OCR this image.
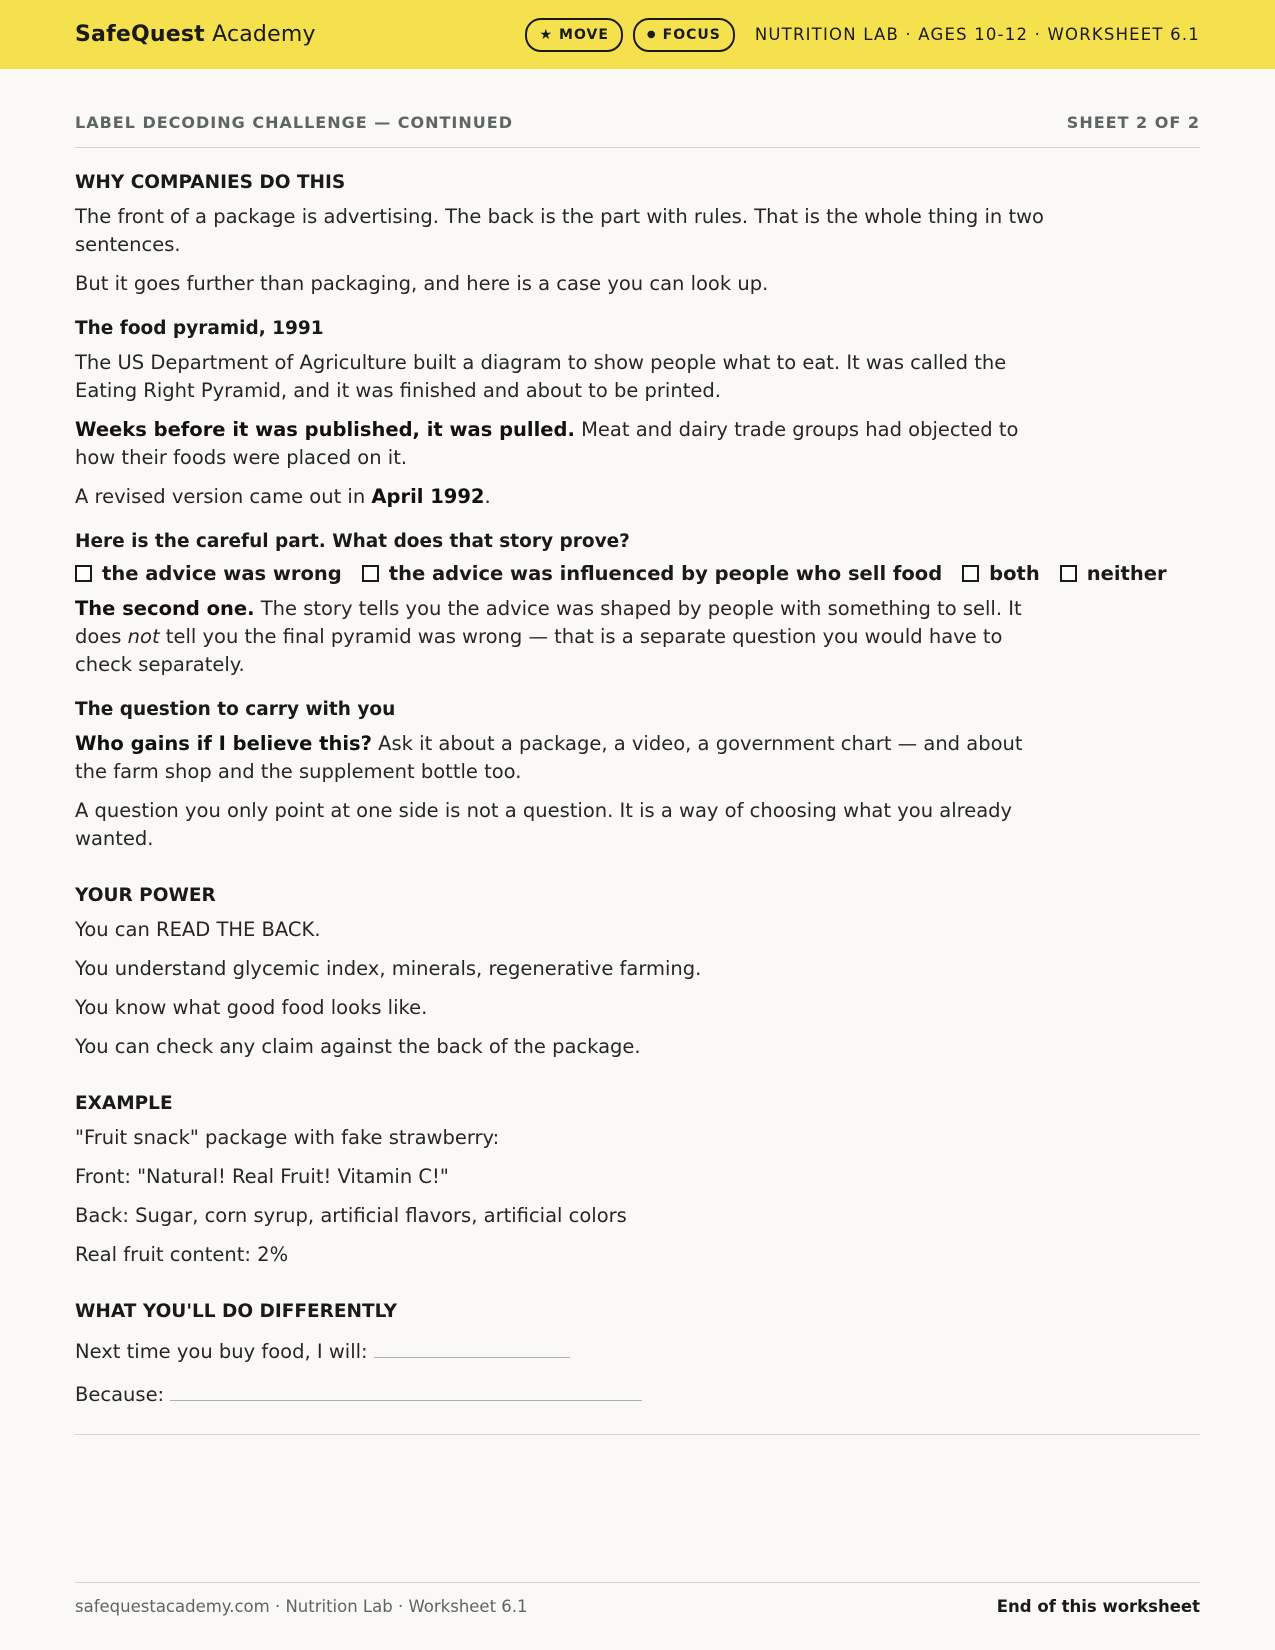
SafeQuest Academy	★ MOVE	● FOCUS NUTRITION LAB · AGES 10-12 · WORKSHEET 6.1
LABEL DECODING CHALLENGE — CONTINUED	SHEET 2 OF 2
WHY COMPANIES DO THIS

The front of a package is advertising. The back is the part with rules. That is the whole thing in two sentences.

But it goes further than packaging, and here is a case you can look up.

The food pyramid, 1991

The US Department of Agriculture built a diagram to show people what to eat. It was called the Eating Right Pyramid, and it was finished and about to be printed.

Weeks before it was published, it was pulled. Meat and dairy trade groups had objected to how their foods were placed on it.

A revised version came out in April 1992.

Here is the careful part. What does that story prove?
the advice was wrong the advice was influenced by people who sell food both neither

The second one. The story tells you the advice was shaped by people with something to sell. It does not tell you the final pyramid was wrong — that is a separate question you would have to check separately.

The question to carry with you

Who gains if I believe this? Ask it about a package, a video, a government chart — and about the farm shop and the supplement bottle too.

A question you only point at one side is not a question. It is a way of choosing what you already wanted.

YOUR POWER

You can READ THE BACK.

You understand glycemic index, minerals, regenerative farming.

You know what good food looks like.

You can check any claim against the back of the package.

EXAMPLE

"Fruit snack" package with fake strawberry:

Front: "Natural! Real Fruit! Vitamin C!"

Back: Sugar, corn syrup, artificial flavors, artificial colors

Real fruit content: 2%

WHAT YOU'LL DO DIFFERENTLY
Next time you buy food, I will:
Because:
safequestacademy.com · Nutrition Lab · Worksheet 6.1	End of this worksheet
